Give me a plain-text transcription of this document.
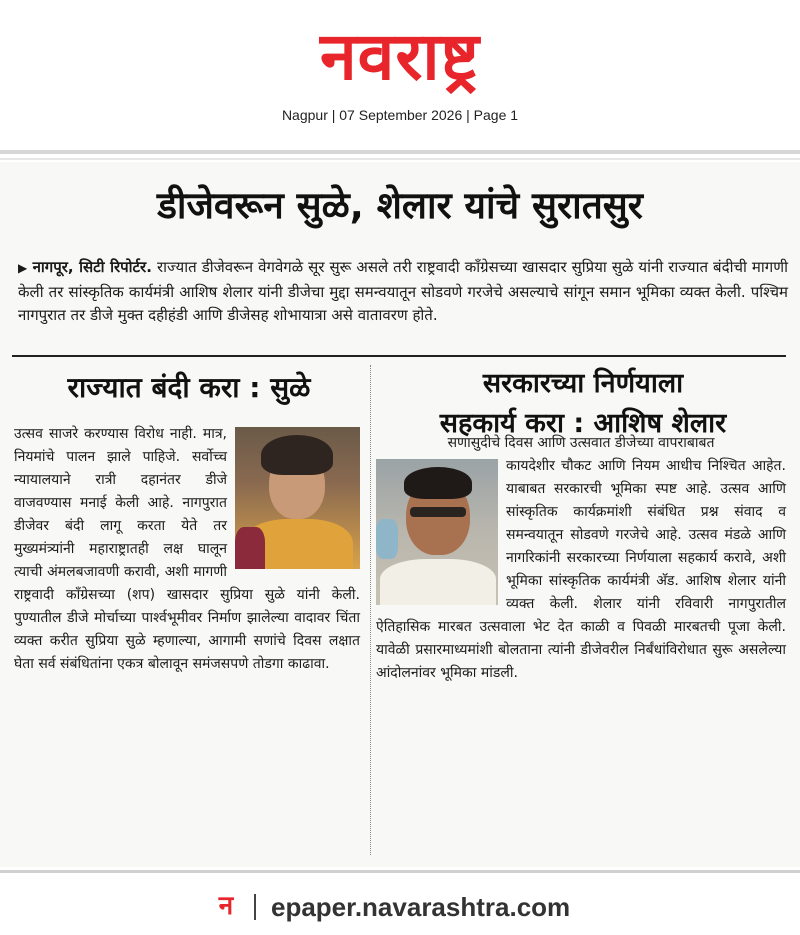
नवराष्ट्र
Nagpur | 07 September 2026 | Page 1
डीजेवरून सुळे, शेलार यांचे सुरातसुर
▶ नागपूर, सिटी रिपोर्टर. राज्यात डीजेवरून वेगवेगळे सूर सुरू असले तरी राष्ट्रवादी काँग्रेसच्या खासदार सुप्रिया सुळे यांनी राज्यात बंदीची मागणी केली तर सांस्कृतिक कार्यमंत्री आशिष शेलार यांनी डीजेचा मुद्दा समन्वयातून सोडवणे गरजेचे असल्याचे सांगून समान भूमिका व्यक्त केली. पश्चिम नागपुरात तर डीजे मुक्त दहीहंडी आणि डीजेसह शोभायात्रा असे वातावरण होते.
राज्यात बंदी करा : सुळे	सरकारच्या निर्णयाला
सहकार्य करा : आशिष शेलार
उत्सव साजरे करण्यास विरोध नाही. मात्र, नियमांचे पालन झाले पाहिजे. सर्वोच्च न्यायालयाने रात्री दहानंतर डीजे वाजवण्यास मनाई केली आहे. नागपुरात डीजेवर बंदी लागू करता येते तर मुख्यमंत्र्यांनी महाराष्ट्रातही लक्ष घालून त्याची अंमलबजावणी करावी, अशी मागणी राष्ट्रवादी काँग्रेसच्या (शप) खासदार सुप्रिया सुळे यांनी केली. पुण्यातील डीजे मोर्चाच्या पार्श्वभूमीवर निर्माण झालेल्या वादावर चिंता व्यक्त करीत सुप्रिया सुळे म्हणाल्या, आगामी सणांचे दिवस लक्षात घेता सर्व संबंधितांना एकत्र बोलावून समंजसपणे तोडगा काढावा.
सणासुदीचे दिवस आणि उत्सवात डीजेच्या वापराबाबत
कायदेशीर चौकट आणि नियम आधीच निश्चित आहेत. याबाबत सरकारची भूमिका स्पष्ट आहे. उत्सव आणि सांस्कृतिक कार्यक्रमांशी संबंधित प्रश्न संवाद व समन्वयातून सोडवणे गरजेचे आहे. उत्सव मंडळे आणि नागरिकांनी सरकारच्या निर्णयाला सहकार्य करावे, अशी भूमिका सांस्कृतिक कार्यमंत्री अ‍ॅड. आशिष शेलार यांनी व्यक्त केली. शेलार यांनी रविवारी नागपुरातील ऐतिहासिक मारबत उत्सवाला भेट देत काळी व पिवळी मारबतची पूजा केली. यावेळी प्रसारमाध्यमांशी बोलताना त्यांनी डीजेवरील निर्बंधांविरोधात सुरू असलेल्या आंदोलनांवर भूमिका मांडली.
न epaper.navarashtra.com
